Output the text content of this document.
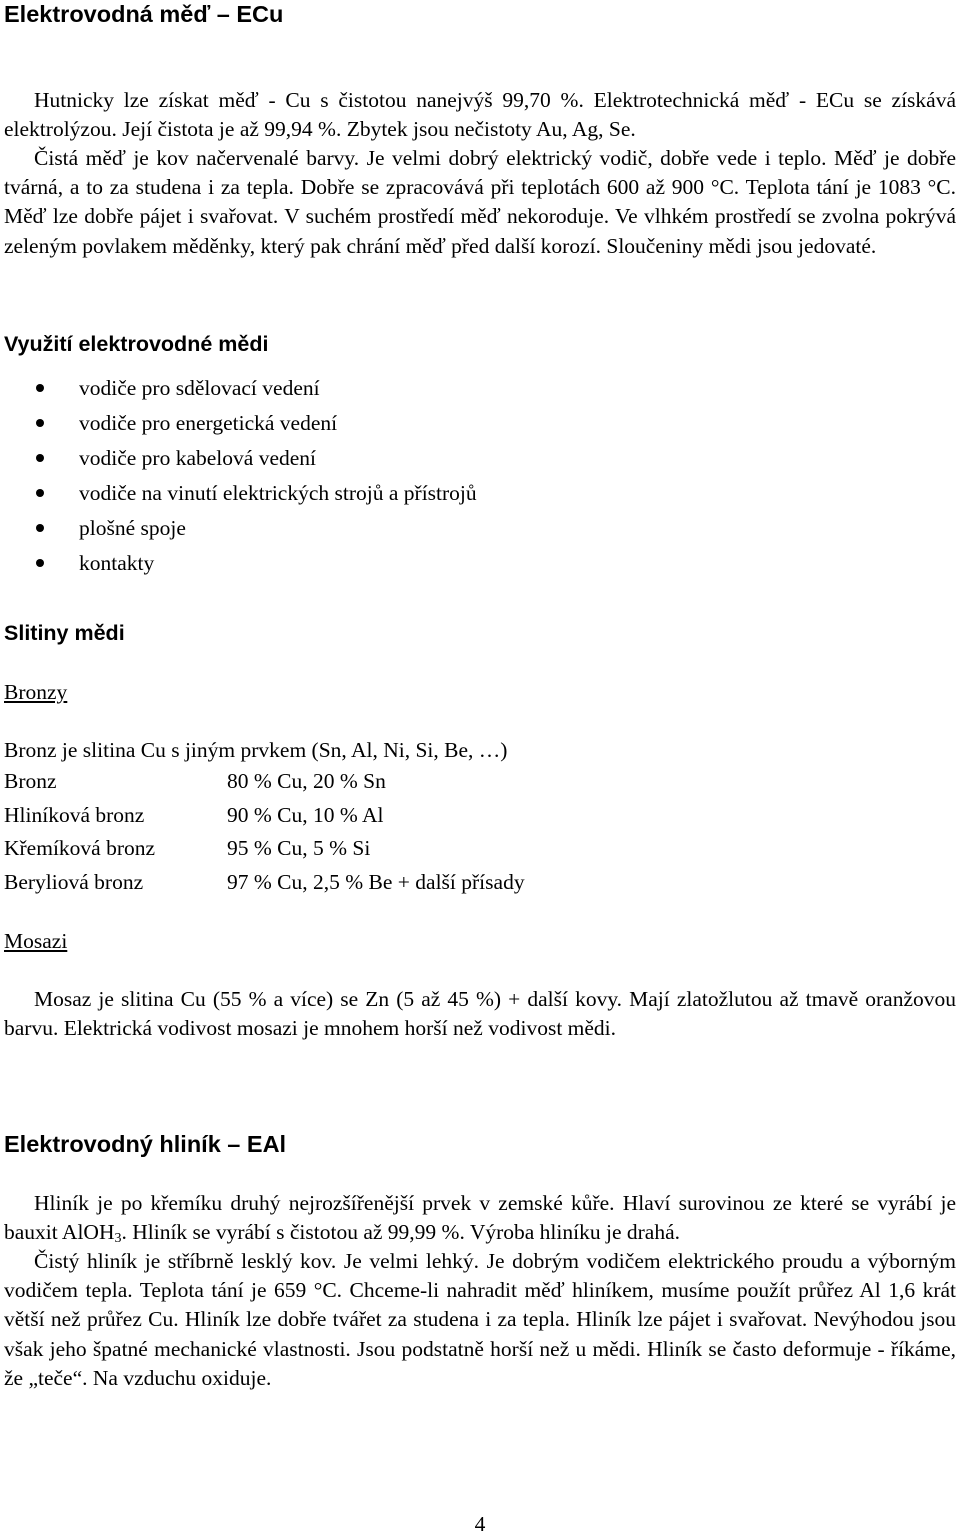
Elektrovodná měď – ECu

Hutnicky lze získat měď - Cu s čistotou nanejvýš 99,70 %. Elektrotechnická měď - ECu se získává elektrolýzou. Její čistota je až 99,94 %. Zbytek jsou nečistoty Au, Ag, Se.

Čistá měď je kov načervenalé barvy. Je velmi dobrý elektrický vodič, dobře vede i teplo. Měď je dobře tvárná, a to za studena i za tepla. Dobře se zpracovává při teplotách 600 až 900 °C. Teplota tání je 1083 °C. Měď lze dobře pájet i svařovat. V suchém prostředí měď nekoroduje. Ve vlhkém prostředí se zvolna pokrývá zeleným povlakem měděnky, který pak chrání měď před další korozí. Sloučeniny mědi jsou jedovaté.

Využití elektrovodné mědi
vodiče pro sdělovací vedení
vodiče pro energetická vedení
vodiče pro kabelová vedení
vodiče na vinutí elektrických strojů a přístrojů
plošné spoje
kontakty
Slitiny mědi
Bronzy
Bronz je slitina Cu s jiným prvkem (Sn, Al, Ni, Si, Be, …)
Bronz	80 % Cu, 20 % Sn
Hliníková bronz	90 % Cu, 10 % Al
Křemíková bronz	95 % Cu, 5 % Si
Beryliová bronz	97 % Cu, 2,5 % Be + další přísady
Mosazi

Mosaz je slitina Cu (55 % a více) se Zn (5 až 45 %) + další kovy. Mají zlatožlutou až tmavě oranžovou barvu. Elektrická vodivost mosazi je mnohem horší než vodivost mědi.

Elektrovodný hliník – EAl

Hliník je po křemíku druhý nejrozšířenější prvek v zemské kůře. Hlaví surovinou ze které se vyrábí je bauxit AlOH$_3$. Hliník se vyrábí s čistotou až 99,99 %. Výroba hliníku je drahá.

Čistý hliník je stříbrně lesklý kov. Je velmi lehký. Je dobrým vodičem elektrického proudu a výborným vodičem tepla. Teplota tání je 659 °C. Chceme-li nahradit měď hliníkem, musíme použít průřez Al 1,6 krát větší než průřez Cu. Hliník lze dobře tvářet za studena i za tepla. Hliník lze pájet i svařovat. Nevýhodou jsou však jeho špatné mechanické vlastnosti. Jsou podstatně horší než u mědi. Hliník se často deformuje - říkáme, že „teče“. Na vzduchu oxiduje.

4
